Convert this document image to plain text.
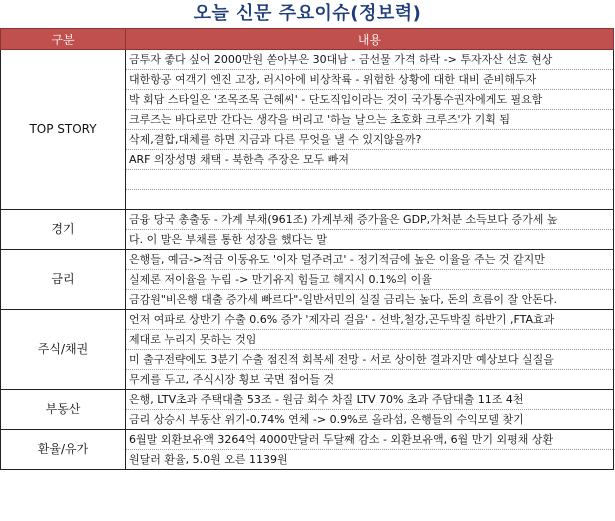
오늘 신문 주요이슈(정보력)
구분	내용
TOP STORY	금투자 좋다 싶어 2000만원 쏟아부은 30대남 - 금선물 가격 하락 -> 투자자산 선호 현상
	대한항공 여객기 엔진 고장, 러시아에 비상착륙 - 위험한 상황에 대한 대비 준비해두자
	박 회담 스타일은 '조목조목 근혜씨' - 단도직입이라는 것이 국가통수권자에게도 필요함
	크루즈는 바다로만 간다는 생각을 버리고 '하늘 날으는 초호화 크루즈'가 기획 됨
	삭제,결합,대체를 하면 지금과 다른 무엇을 낼 수 있지않을까?
	ARF 의장성명 채택 - 북한측 주장은 모두 빠져

경기	금융 당국 총출동 - 가계 부채(961조) 가계부채 증가율은 GDP,가처분 소득보다 증가세 높
	다. 이 말은 부채를 통한 성장을 했다는 말
금리	은행들, 예금->적금 이동유도 '이자 덜주려고' - 정기적금에 높은 이율을 주는 것 같지만
	실제론 저이율을 누림 -> 만기유지 힘들고 해지시 0.1%의 이율
	금감원"비은행 대출 증가세 빠르다"-일반서민의 실질 금리는 높다, 돈의 흐름이 잘 안돈다.
주식/채권	언저 여파로 상반기 수출 0.6% 증가 '제자리 걸음' - 선박,철강,곤두박질 하반기 ,FTA효과
	제대로 누리지 못하는 것임
	미 출구전략에도 3분기 수출 점진적 회복세 전망 - 서로 상이한 결과지만 예상보다 실질을
	무게를 두고, 주식시장 횡보 국면 접어들 것
부동산	은행, LTV초과 주택대출 53조 - 원금 회수 차질 LTV 70% 초과 주담대출 11조 4천
	금리 상승시 부동산 위기-0.74% 연체 -> 0.9%로 올라섬, 은행들의 수익모델 찾기
환율/유가	6월말 외환보유액 3264억 4000만달러 두달째 감소 - 외환보유액, 6월 만기 외평채 상환
	원달러 환율, 5.0원 오른 1139원
